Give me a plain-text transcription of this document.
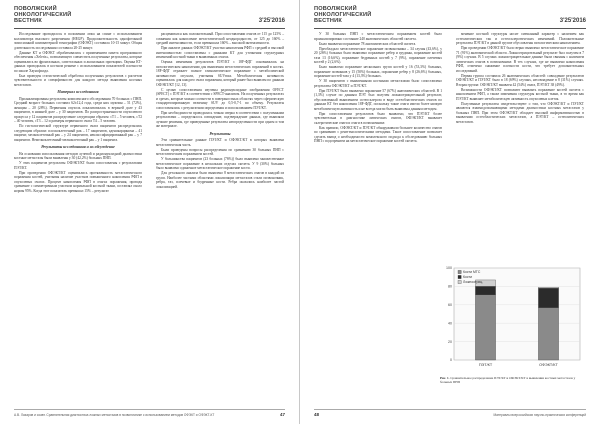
ПОВОЛЖСКИЙ
ОНКОЛОГИЧЕСКИЙ
ВЕСТНИК	3'25'2016

Исследование проводилось в положении лежа на спине с использованием коллиматора высокого разрешения (HEGP). Продолжительность однофотонной эмиссионной компьютерной томографии (ОФЭКТ) составила 10-15 минут. Общая длительность исследования составила 20-25 минут.

Данные КТ и ОФЭКТ обрабатывались с применением пакета программного обеспечения «Xeleris», позволяющего совместить полученные результаты, которые оценивались во фронтальных, сагиттальных и аксиальных проекциях. Оценка КТ-данных проводилась в костном режиме с использованием показателей плотности по шкале Хаунсфилда.

Был проведен статистический обработка полученных результатов с расчетом чувствительности и специфичности для каждого метода выявления костных метастазов.

Материал исследования

Проанализированы результаты комплексного обследования 70 больных с ПНП. Средний возраст больных составил 62±12,4 года, среди них мужчин – 51 (72%), женщин – 20 (28%). Первичная опухоль локализовалась в верхней доле у 43 пациентов, в нижней доле – у 30 пациентов. По распространенности опухолевого процесса у 12 пациентов распределение следующим образом: сT1 – 5 человек, сT2 – 40 человек, сT3 – 12 и размеры первичного очага T4 – 5 человек.

По гистологической структуре первичного очага пациентов распределялись следующим образом: плоскоклеточный рак – 17 пациентов, аденокарцинома – 41 пациент, мелкоклеточный рак – у 24 пациентов, неклассифицированный рак – у 7 пациентов. Немелкоклеточный-мелкоклеточный рак – у 1 пациента.

Результаты исследования и их обсуждение

На основании использования методов лучевой и радионуклидной диагностики костные метастазы были выявлены у 30 (42,2%) больных ПНП.

У этих пациентов результаты ОФЭКТ/КТ были сопоставлены с результатами ПЭТ/КТ.

При проведении ОФЭКТ/КТ оценивались протяженность метастатического поражения костей, учитывая наличие участков повышенного накопления РФП в опухолевых очагах. Процент накопления РФП в очагах поражения, проводя сравнение с симметричным участком нормальной костной ткани, составлял около нормы 95%. Когда этот показатель превышал 15% – результат

расценивался как положительный. При сопоставлении очагов от 115 до 125% – сомнения как накопление метастатической неоднородности, от 125 до 160% – средней интенсивности, если превышала 160% – высокой интенсивности.

При анализе данных ОФЭКТ/КТ участки накопления РФП с средней и высокой интенсивностью сопоставлены с данными КТ для уточнения структурных изменений костной ткани в выявленных очагах.

Оценка изменения результатов ПЭТ/КТ с 18F-ФДГ основывалась на патологическом накоплении для выявления метастатических поражений в костях. 18F-ФДГ отражает полное гликолитическое поражение с метаболической активностью опухоли, учитывая SUVmax. Метаболическая активность оценивалась для каждого очага поражения, который ранее был выявлен по данным ОФЭКТ/КТ [12, 13].

С целью сопоставления изучены радионуклидные изображения OFECT (SPECT) с ПЭТ/КТ в соответствии с SPECT-анализом. На полученных результатах и срезах, которые можно соотнести в поверхностных областях через сферическую стандартизированную величину SUV до 0,5-0,7-1 по объему. Результаты сопоставлялись с результатами определения и использованием ПЭТ/КТ.

При необходимости проводилась точная сверка в соответствии с полученными результатами – определялось совпадение, подтверждение данных, где выявляли лучшие решения, где приведенные результаты неопределенности при одном и том же материале.

Результаты

Эти сравнительные данные ПЭТ/КТ и ОФЭКТ/КТ в которых выявлена метастатическая часть.

Были проведены вопросы распределения по сравнению 30 больных ПНП с метастатическим поражением костей.

У большинства пациентов (23 больных (76%)) было выявлено множественное метастатическое поражение в нескольких отделах скелета. У 9 (30%) больных было выявлено одиночное метастатическое поражение кости.

Для детального анализа было выявлено 8 метастатических очагов в каждой из групп. Наиболее частыми областями локализации метастазов стали позвоночник, ребра, таз, плечевые и бедренные кости. Ребра оказались наиболее частой локализацией.

А.В. Лазаров и соавт. Сравнительная диагностика ложных метастазов в позвоночнике с использованием методов ОФЭКТ и ОФЭКТ-КТ	47
ПОВОЛЖСКИЙ
ОНКОЛОГИЧЕСКИЙ
ВЕСТНИК	3'25'2016

У 30 больных ПНП с метастатическим поражением костей было проанализировано состояние 240 анатомических областей скелета.

Было выявлено поражение 78 анатомических областей скелета.

Преобладало метастатическое поражение позвоночника – 34 случая (43,6%), у 20 (26%) больных было выявлено поражение ребер и грудины, поражение костей таза 13 (16,6%), поражение бедренных костей у 7 (9%), поражение плечевых костей у 2 (2,6%).

Было выявлено поражение нескольких групп костей у 16 (53,3%) больных, поражение позвонков у 15 (50%) больных, поражение ребер у 8 (26,6%) больных, поражение костей таза у 4 (13,3%) больных.

У 30 пациентов с выявленными костными метастазами было сопоставлено результаты ОФЭКТ/КТ и ПЭТ/КТ.

При ПЭТ/КТ было выявлено поражение 57 (67%) анатомических областей. В 1 (1,3%) случае по данным ПЭТ был получен ложноотрицательный результат, обусловленный выявлением остеосклероза в виде остеобластических очагов по данным КТ без накопления 18F-ФДГ, поскольку такие очаги имели более низкую метаболическую активность и не всегда могли быть выявлены данным методом.

При сопоставлении результатов было выявлено, что ПЭТ/КТ более чувствительна в диагностике литических очагов, ОФЭКТ/КТ выявляет склеротические очаги и очаги в позвоночнике.

Как правило, ОФЭКТ/КТ и ПЭТ/КТ обнаруживали большее количество очагов по сравнению с рентгенологическими методами. Такое сопоставление позволяет сделать вывод о необходимости комплексного подхода к обследованию больных ПНП с подозрением на метастатическое поражение костей скелета.

менение костной структуры носит смешанный характер с наличием как остеолитических так и остеосклеротических изменений. Положительные результаты ПЭТ/КТ в данной группе обусловлены патологическим накоплением.

При проведении ОФЭКТ/КТ было верно выявлено метастатическое поражение 71 (91%) анатомической области. Ложноотрицательный результат был получен в 7 (9%) случаях. В 5 случаях ложноотрицательные данные были связаны с наличием литических очагов в позвоночнике. В тех случаях, где не выявлено накопления РФП, отмечено снижение плотности кости, что требует дополнительных исследований.

Первая группа составила 26 анатомических областей: совпадение результатов ОФЭКТ/КТ и ПЭТ/КТ было в 18 (69%) случаях, несовпадение в 8 (31%) случаях. Вторая группа: ОФЭКТ/КТ выявлен 42 (54%) очага, ПЭТ/КТ 38 (49%).

Возможности ОФЭКТ/КТ позволяют выявлять поражение костей скелета с накоплением РФП, а также изменения структуры костной ткани, в то время как ПЭТ/КТ выявляет метаболическую активность опухолевых клеток.

Полученные результаты свидетельствуют о том, что ОФЭКТ/КТ и ПЭТ/КТ являются взаимодополняющими методами диагностики костных метастазов у больных ПНП. При этом ОФЭКТ/КТ обладает высокой информативностью в выявлении остеобластических метастазов, а ПЭТ/КТ – остеолитических метастазов.

48	Материалы всероссийских научно-практических конференций
0
20
40
60
80
100
ПЭТ/КТ	ОФЭКТ/КТ
Кости МТС
Кости
Ложноотриц.
Рис. 1. Сравнительное распределение ПЭТ/КТ и ОФЭКТ/КТ в выявлении костных метастазов у больных ПНП
